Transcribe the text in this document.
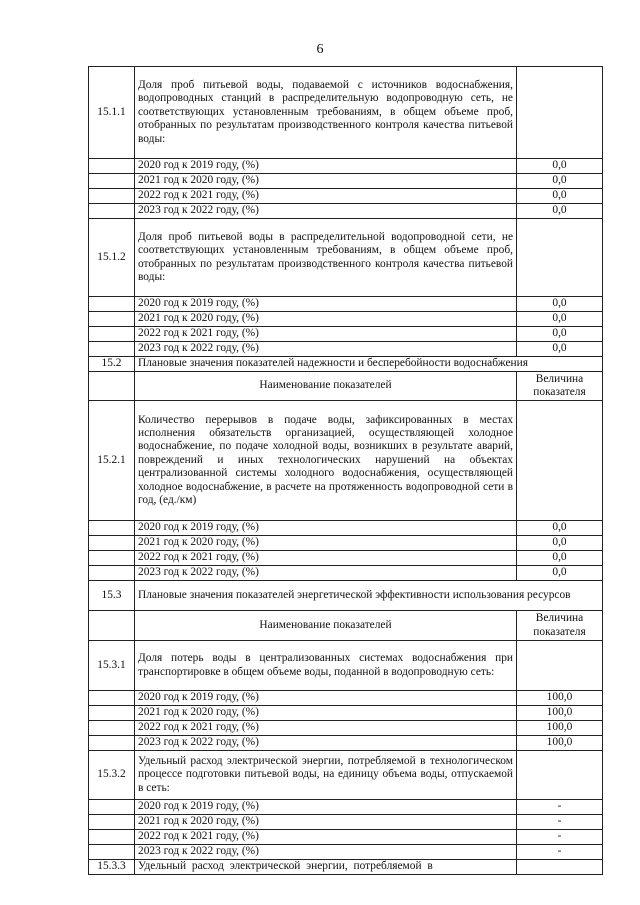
6
15.1.1	Доля проб питьевой воды, подаваемой с источников водоснабжения, водопроводных станций в распределительную водопроводную сеть, не соответствующих установленным требованиям, в общем объеме проб, отобранных по результатам производственного контроля качества питьевой воды:	
	2020 год к 2019 году, (%)	0,0
	2021 год к 2020 году, (%)	0,0
	2022 год к 2021 году, (%)	0,0
	2023 год к 2022 году, (%)	0,0
15.1.2	Доля проб питьевой воды в распределительной водопроводной сети, не соответствующих установленным требованиям, в общем объеме проб, отобранных по результатам производственного контроля качества питьевой воды:	
	2020 год к 2019 году, (%)	0,0
	2021 год к 2020 году, (%)	0,0
	2022 год к 2021 году, (%)	0,0
	2023 год к 2022 году, (%)	0,0
15.2	Плановые значения показателей надежности и бесперебойности водоснабжения	
	Наименование показателей	Величина показателя
15.2.1	Количество перерывов в подаче воды, зафиксированных в местах исполнения обязательств организацией, осуществляющей холодное водоснабжение, по подаче холодной воды, возникших в результате аварий, повреждений и иных технологических нарушений на объектах централизованной системы холодного водоснабжения, осуществляющей холодное водоснабжение, в расчете на протяженность водопроводной сети в год, (ед./км)	
	2020 год к 2019 году, (%)	0,0
	2021 год к 2020 году, (%)	0,0
	2022 год к 2021 году, (%)	0,0
	2023 год к 2022 году, (%)	0,0
15.3	Плановые значения показателей энергетической эффективности использования ресурсов	
	Наименование показателей	Величина показателя
15.3.1	Доля потерь воды в централизованных системах водоснабжения при транспортировке в общем объеме воды, поданной в водопроводную сеть:	
	2020 год к 2019 году, (%)	100,0
	2021 год к 2020 году, (%)	100,0
	2022 год к 2021 году, (%)	100,0
	2023 год к 2022 году, (%)	100,0
15.3.2	Удельный расход электрической энергии, потребляемой в технологическом процессе подготовки питьевой воды, на единицу объема воды, отпускаемой в сеть:	
	2020 год к 2019 году, (%)	-
	2021 год к 2020 году, (%)	-
	2022 год к 2021 году, (%)	-
	2023 год к 2022 году, (%)	-
15.3.3	Удельный расход электрической энергии, потребляемой в	
